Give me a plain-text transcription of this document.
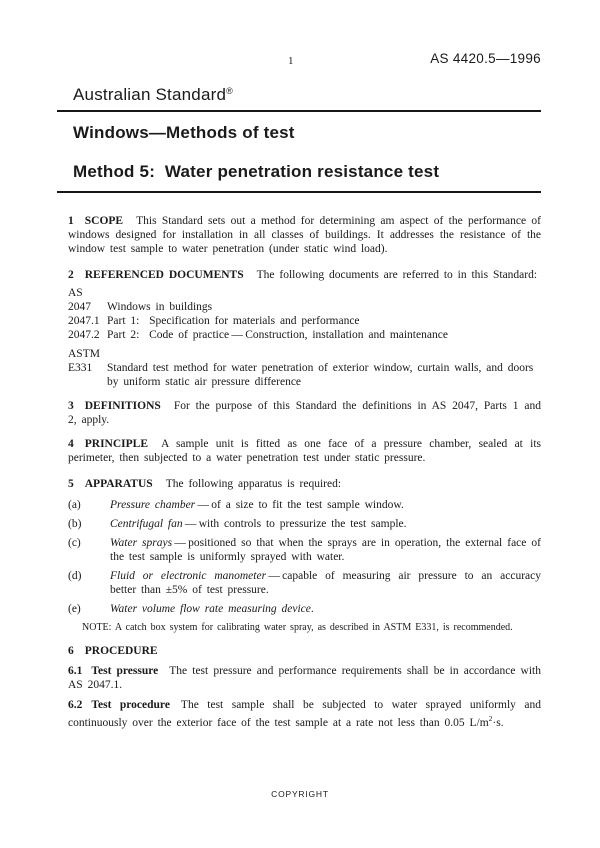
1	AS 4420.5—1996
Australian Standard®
Windows—Methods of test
Method 5:  Water penetration resistance test

1 SCOPE This Standard sets out a method for determining am aspect of the performance of windows designed for installation in all classes of buildings. It addresses the resistance of the window test sample to water penetration (under static wind load).

2 REFERENCED DOCUMENTS The following documents are referred to in this Standard:

AS
2047	Windows in buildings
2047.1 Part 1:  Specification for materials and performance
2047.2 Part 2:  Code of practice — Construction, installation and maintenance
ASTM
E331	Standard test method for water penetration of exterior window, curtain walls, and doors by uniform static air pressure difference

3 DEFINITIONS For the purpose of this Standard the definitions in AS 2047, Parts 1 and 2, apply.

4 PRINCIPLE A sample unit is fitted as one face of a pressure chamber, sealed at its perimeter, then subjected to a water penetration test under static pressure.

5 APPARATUS The following apparatus is required:

(a)	Pressure chamber — of a size to fit the test sample window.
(b)	Centrifugal fan — with controls to pressurize the test sample.
(c)	Water sprays — positioned so that when the sprays are in operation, the external face of the test sample is uniformly sprayed with water.
(d)	Fluid or electronic manometer — capable of measuring air pressure to an accuracy better than ±5% of test pressure.
(e)	Water volume flow rate measuring device.

NOTE: A catch box system for calibrating water spray, as described in ASTM E331, is recommended.

6 PROCEDURE

6.1 Test pressure The test pressure and performance requirements shall be in accordance with AS 2047.1.

6.2 Test procedure The test sample shall be subjected to water sprayed uniformly and continuously over the exterior face of the test sample at a rate not less than 0.05 $L/m^2\cdot s$.

COPYRIGHT
